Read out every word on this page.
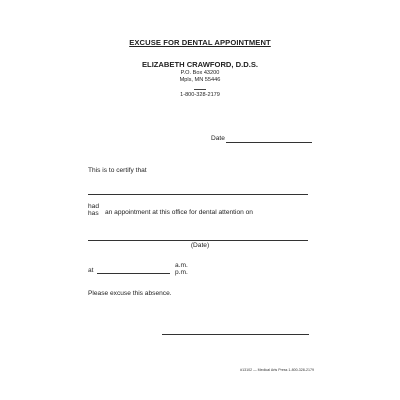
EXCUSE FOR DENTAL APPOINTMENT
ELIZABETH CRAWFORD, D.D.S.
P.O. Box 43200
Mpls, MN 55446
1-800-328-2179
Date
This is to certify that
had
has an appointment at this office for dental attention on
(Date)
at
a.m.
p.m.
Please excuse this absence.
#13102 — Medical Arts Press 1-800-328-2179
